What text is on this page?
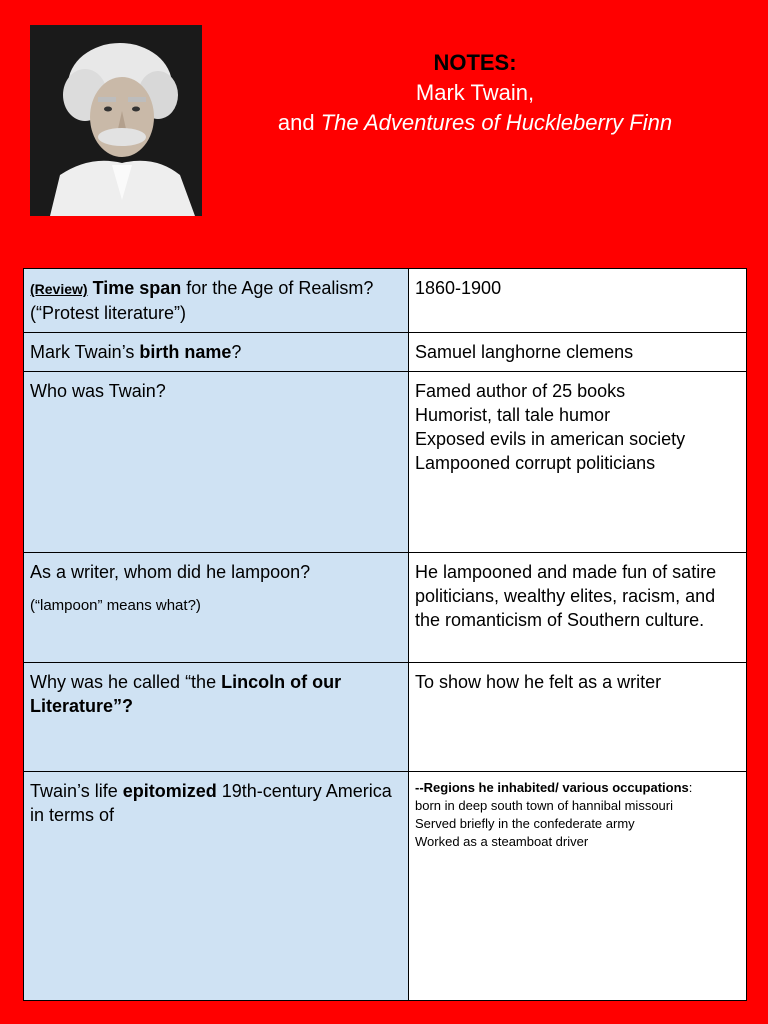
NOTES:
Mark Twain,
and The Adventures of Huckleberry Finn
(Review) Time span for the Age of Realism? (“Protest literature”)	1860-1900
Mark Twain’s birth name?	Samuel langhorne clemens
Who was Twain?	Famed author of 25 books
Humorist, tall tale humor
Exposed evils in american society
Lampooned corrupt politicians

As a writer, whom did he lampoon?
(“lampoon” means what?)	He lampooned and made fun of satire politicians, wealthy elites, racism, and the romanticism of Southern culture.
Why was he called “the Lincoln of our Literature”?	To show how he felt as a writer
Twain’s life epitomized 19th-century America in terms of	--Regions he inhabited/ various occupations:
born in deep south town of hannibal missouri
Served briefly in the confederate army
Worked as a steamboat driver
